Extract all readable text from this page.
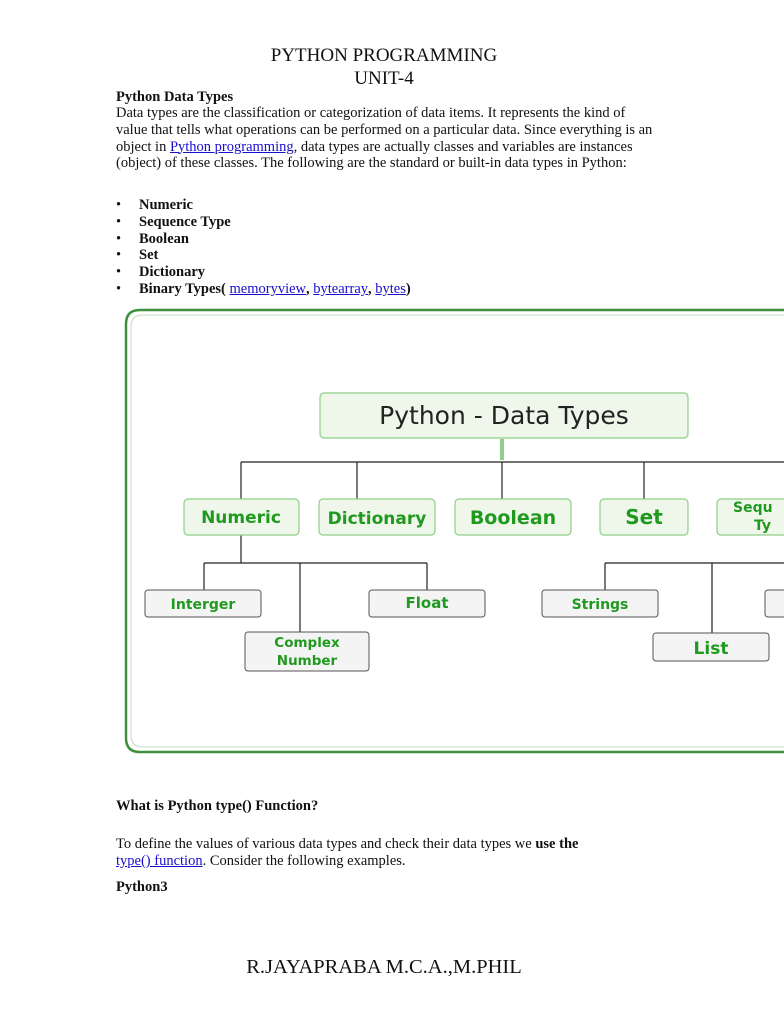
PYTHON PROGRAMMING
UNIT-4
Python Data Types
Data types are the classification or categorization of data items. It represents the kind of value that tells what operations can be performed on a particular data. Since everything is an object in Python programming, data types are actually classes and variables are instances (object) of these classes. The following are the standard or built-in data types in Python:
• Numeric
• Sequence Type
• Boolean
• Set
• Dictionary
• Binary Types( memoryview, bytearray, bytes)
Python - Data Types
Numeric	Dictionary Boolean	Set	Sequ
Ty
Interger
Complex
Number
Float	Strings
List
What is Python type() Function?
To define the values of various data types and check their data types we use the type() function. Consider the following examples.
Python3
R.JAYAPRABA M.C.A.,M.PHIL
